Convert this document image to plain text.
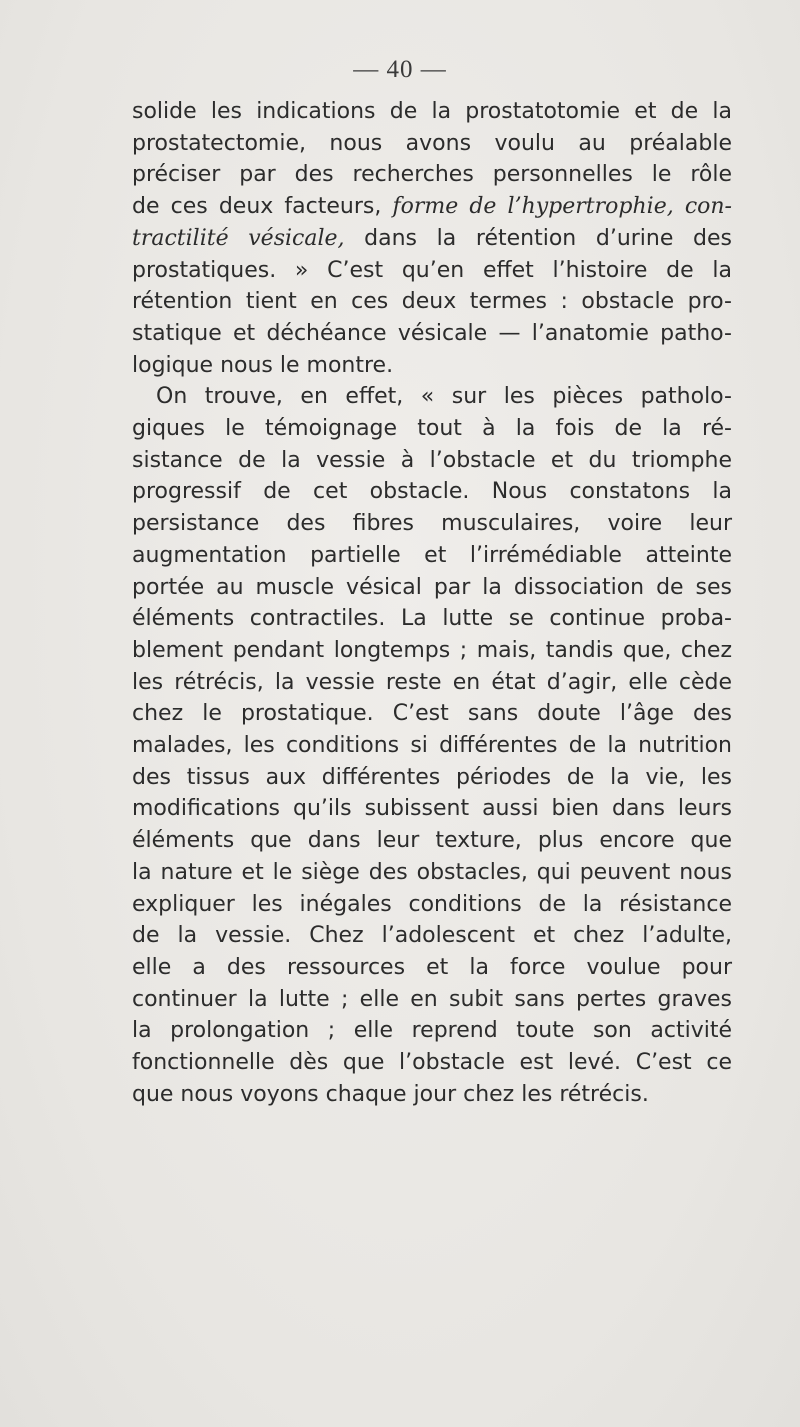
— 40 —
solide les indications de la prostatotomie et de la
prostatectomie, nous avons voulu au préalable
préciser par des recherches personnelles le rôle
de ces deux facteurs, forme de l’hypertrophie, con-
tractilité vésicale, dans la rétention d’urine des
prostatiques. » C’est qu’en effet l’histoire de la
rétention tient en ces deux termes : obstacle pro-
statique et déchéance vésicale — l’anatomie patho-
logique nous le montre.
On trouve, en effet, « sur les pièces patholo-
giques le témoignage tout à la fois de la ré-
sistance de la vessie à l’obstacle et du triomphe
progressif de cet obstacle. Nous constatons la
persistance des fibres musculaires, voire leur
augmentation partielle et l’irrémédiable atteinte
portée au muscle vésical par la dissociation de ses
éléments contractiles. La lutte se continue proba-
blement pendant longtemps ; mais, tandis que, chez
les rétrécis, la vessie reste en état d’agir, elle cède
chez le prostatique. C’est sans doute l’âge des
malades, les conditions si différentes de la nutrition
des tissus aux différentes périodes de la vie, les
modifications qu’ils subissent aussi bien dans leurs
éléments que dans leur texture, plus encore que
la nature et le siège des obstacles, qui peuvent nous
expliquer les inégales conditions de la résistance
de la vessie. Chez l’adolescent et chez l’adulte,
elle a des ressources et la force voulue pour
continuer la lutte ; elle en subit sans pertes graves
la prolongation ; elle reprend toute son activité
fonctionnelle dès que l’obstacle est levé. C’est ce
que nous voyons chaque jour chez les rétrécis.
